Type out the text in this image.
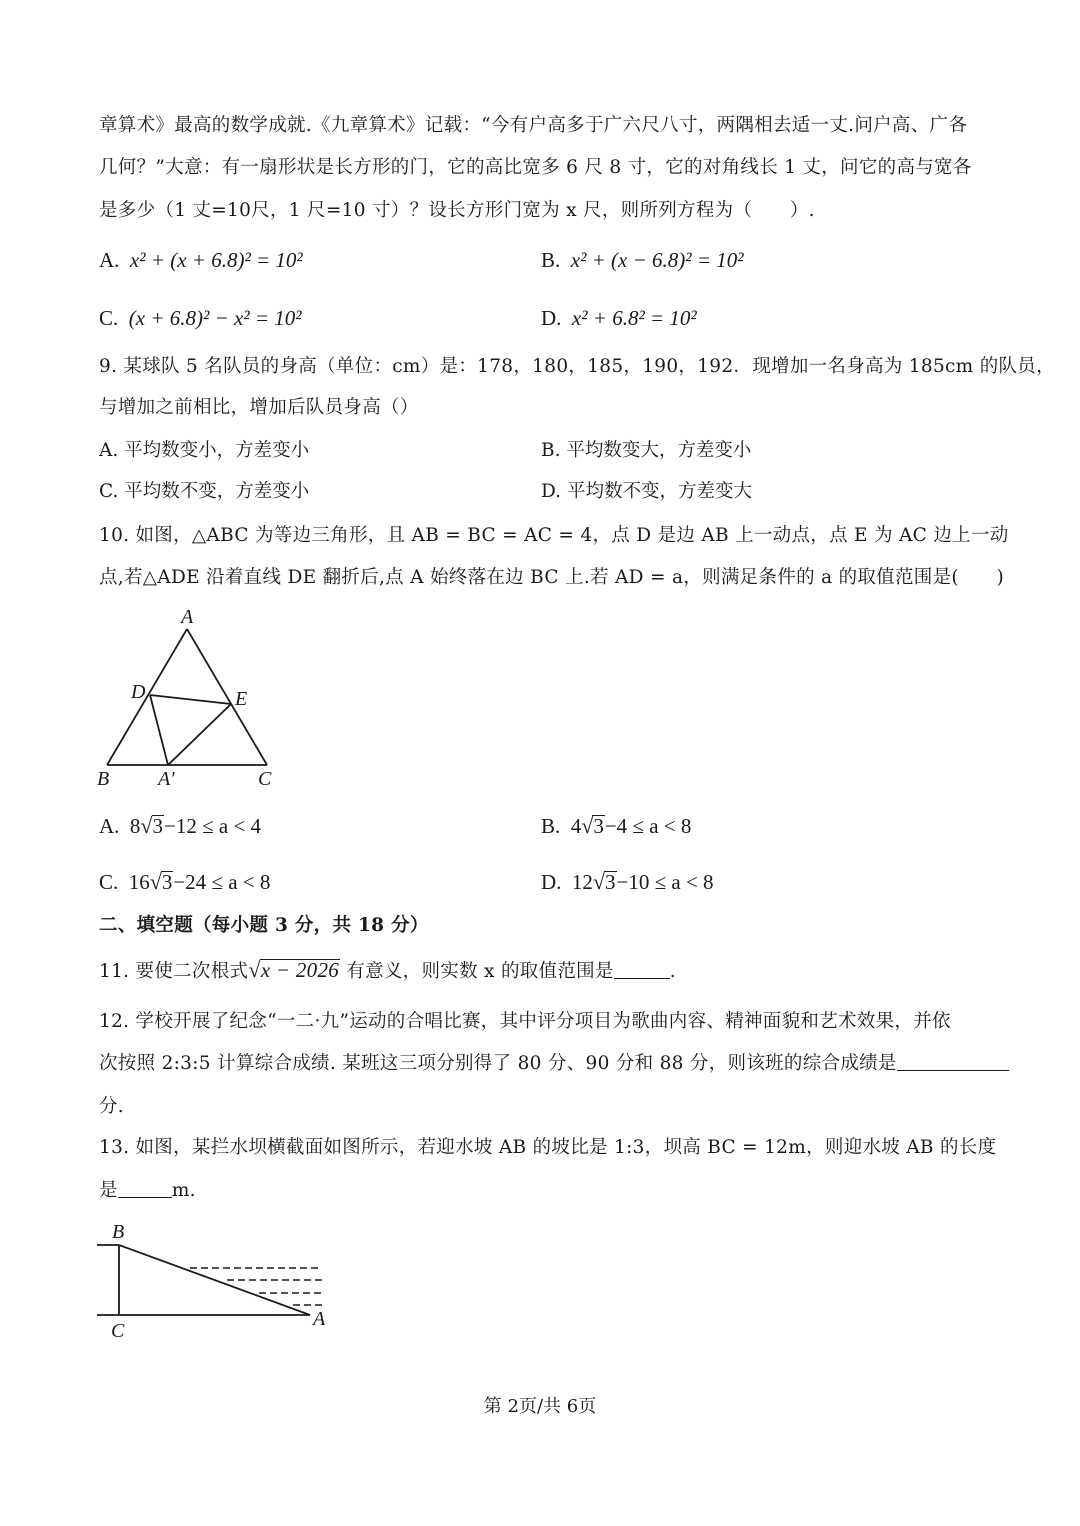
章算术》最高的数学成就.《九章算术》记载：“今有户高多于广六尺八寸，两隅相去适一丈.问户高、广各
几何？”大意：有一扇形状是长方形的门，它的高比宽多 6 尺 8 寸，它的对角线长 1 丈，问它的高与宽各
是多少（1 丈=10尺，1 尺=10 寸）？设长方形门宽为 x 尺，则所列方程为（　　）.
A. x² + (x + 6.8)² = 10²	B. x² + (x − 6.8)² = 10²
C. (x + 6.8)² − x² = 10²	D. x² + 6.8² = 10²
9. 某球队 5 名队员的身高（单位：cm）是：178，180，185，190，192．现增加一名身高为 185cm 的队员，
与增加之前相比，增加后队员身高（）
A. 平均数变小，方差变小	B. 平均数变大，方差变小
C. 平均数不变，方差变小	D. 平均数不变，方差变大
10. 如图，△ABC 为等边三角形，且 AB = BC = AC = 4，点 D 是边 AB 上一动点，点 E 为 AC 边上一动
点,若△ADE 沿着直线 DE 翻折后,点 A 始终落在边 BC 上.若 AD = a，则满足条件的 a 的取值范围是(　　)
A
B	C
D	E
A′
A. 8√3−12 ≤ a < 4	B. 4√3−4 ≤ a < 8
C. 16√3−24 ≤ a < 8	D. 12√3−10 ≤ a < 8
二、填空题（每小题 3 分，共 18 分）
11. 要使二次根式√x − 2026 有意义，则实数 x 的取值范围是	.
12. 学校开展了纪念“一二·九”运动的合唱比赛，其中评分项目为歌曲内容、精神面貌和艺术效果，并依
次按照 2:3:5 计算综合成绩. 某班这三项分别得了 80 分、90 分和 88 分，则该班的综合成绩是
分.
13. 如图，某拦水坝横截面如图所示，若迎水坡 AB 的坡比是 1:3，坝高 BC = 12m，则迎水坡 AB 的长度
是	m.
B
C
A
第 2页/共 6页
